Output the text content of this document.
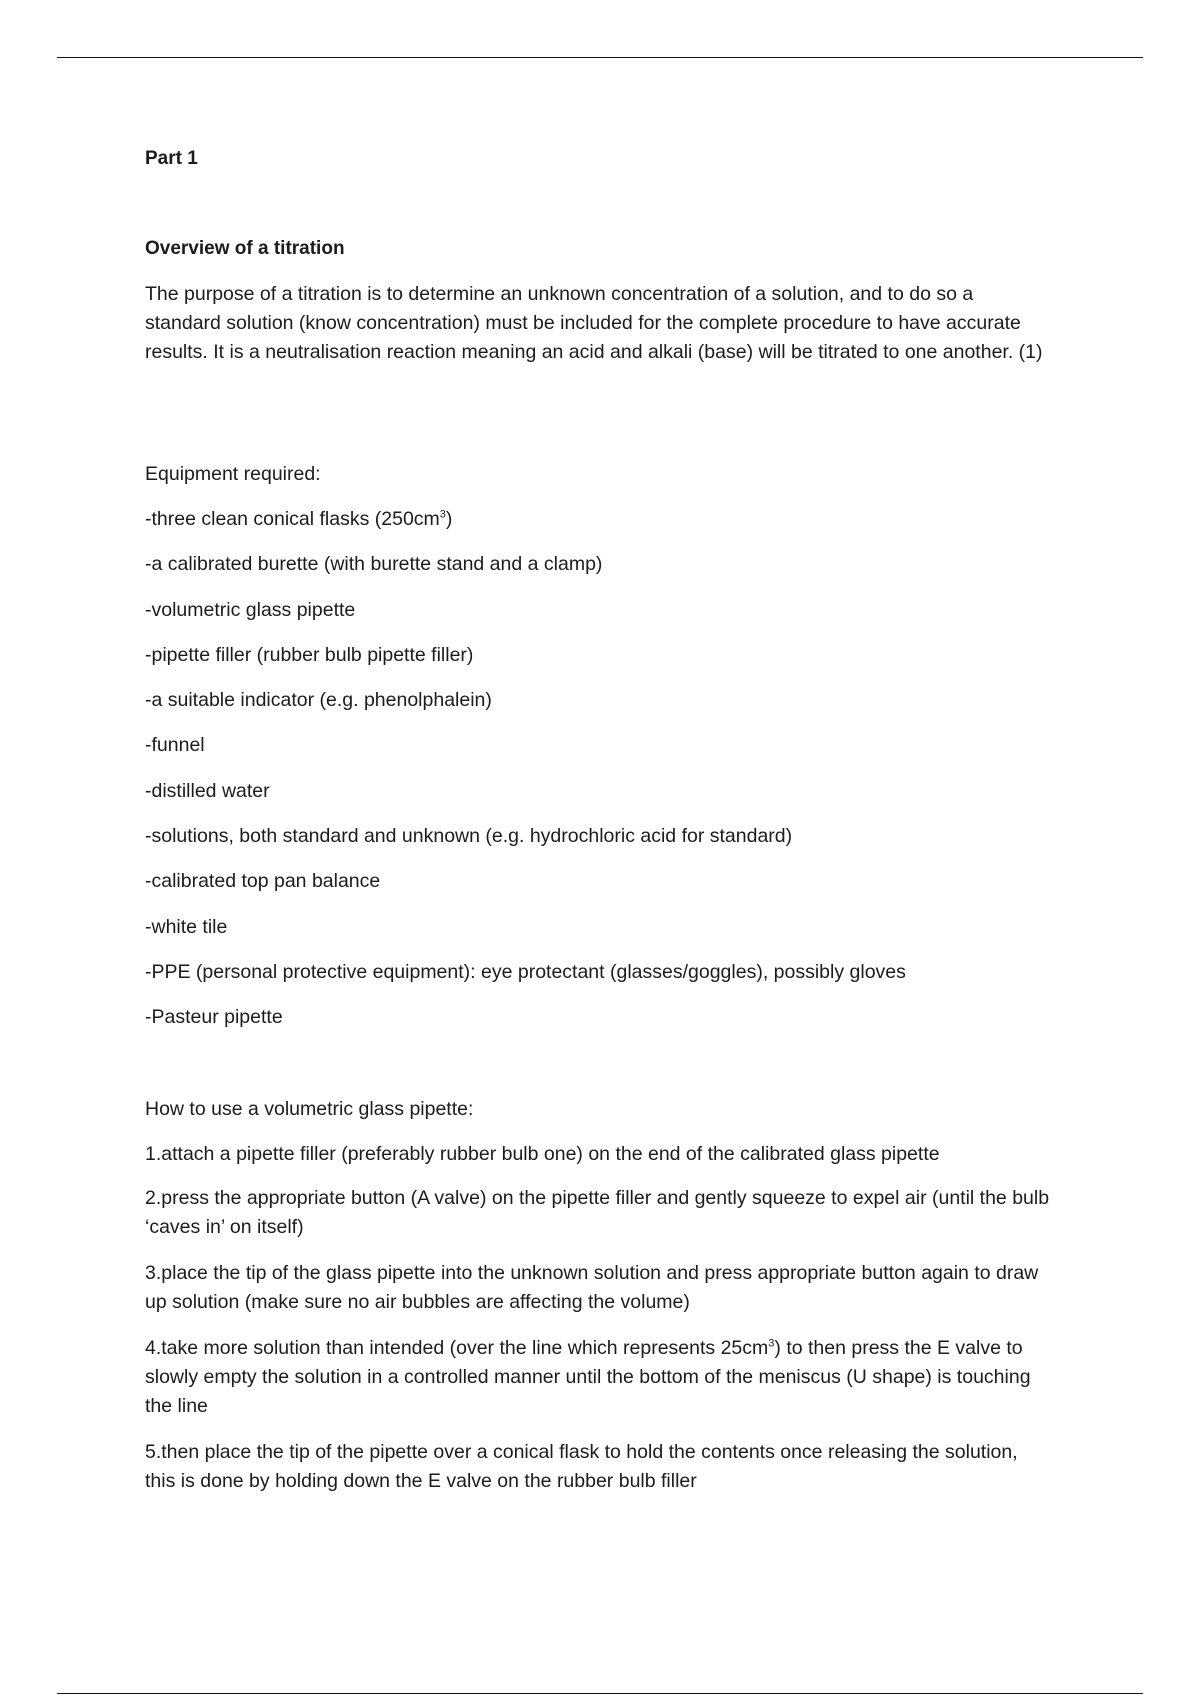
Part 1
Overview of a titration
The purpose of a titration is to determine an unknown concentration of a solution, and to do so a standard solution (know concentration) must be included for the complete procedure to have accurate results. It is a neutralisation reaction meaning an acid and alkali (base) will be titrated to one another. (1)
Equipment required:
-three clean conical flasks $(250cm^3)$
-a calibrated burette (with burette stand and a clamp)
-volumetric glass pipette
-pipette filler (rubber bulb pipette filler)
-a suitable indicator (e.g. phenolphalein)
-funnel
-distilled water
-solutions, both standard and unknown (e.g. hydrochloric acid for standard)
-calibrated top pan balance
-white tile
-PPE (personal protective equipment): eye protectant (glasses/goggles), possibly gloves
-Pasteur pipette
How to use a volumetric glass pipette:
1.attach a pipette filler (preferably rubber bulb one) on the end of the calibrated glass pipette
2.press the appropriate button (A valve) on the pipette filler and gently squeeze to expel air (until the bulb ‘caves in’ on itself)
3.place the tip of the glass pipette into the unknown solution and press appropriate button again to draw up solution (make sure no air bubbles are affecting the volume)
4.take more solution than intended (over the line which represents $25cm^3$) to then press the E valve to slowly empty the solution in a controlled manner until the bottom of the meniscus (U shape) is touching the line
5.then place the tip of the pipette over a conical flask to hold the contents once releasing the solution, this is done by holding down the E valve on the rubber bulb filler
